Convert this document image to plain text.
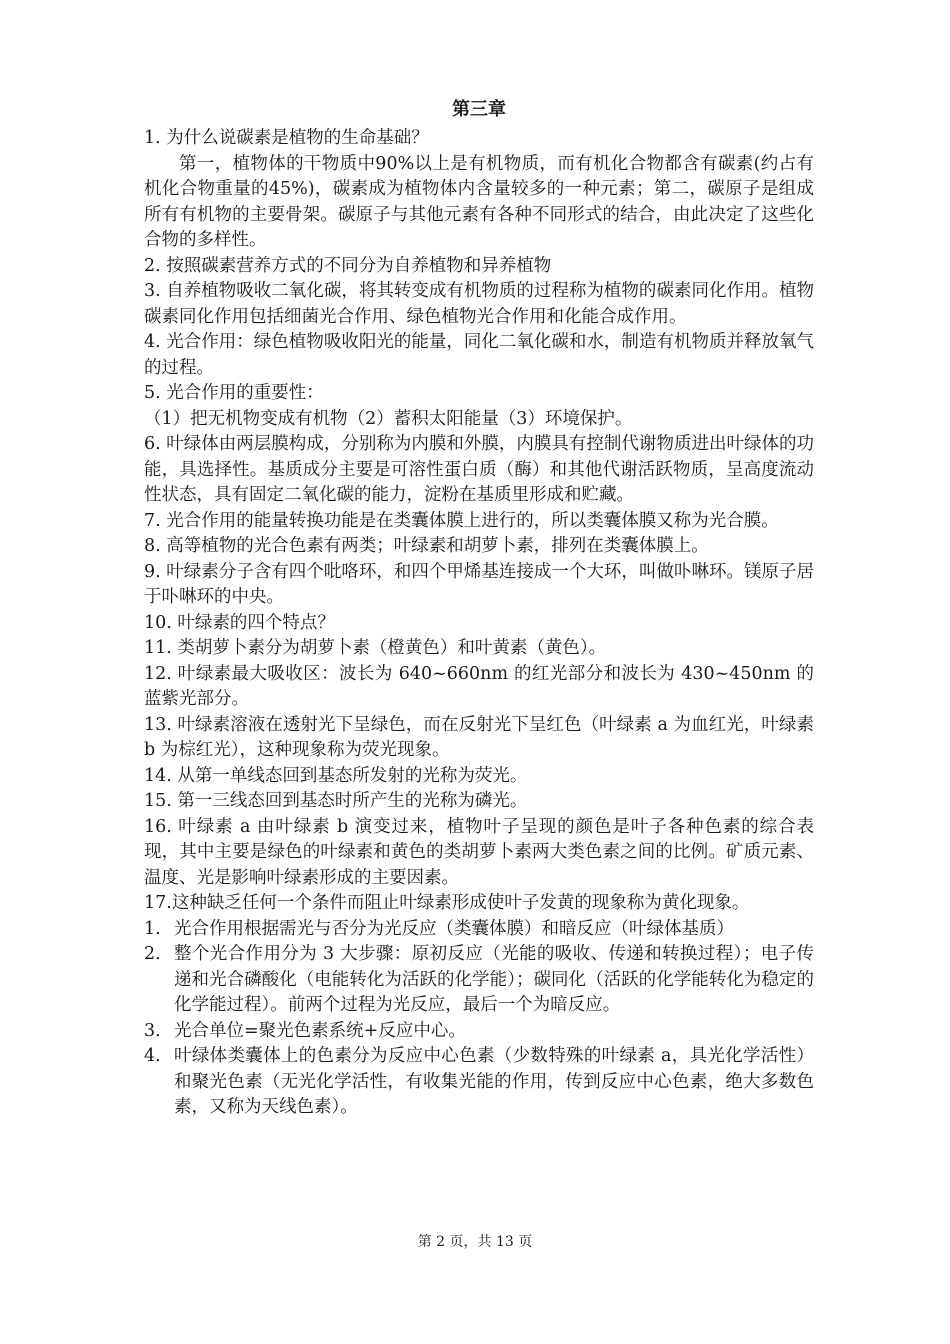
第三章

1. 为什么说碳素是植物的生命基础？

第一，植物体的干物质中90%以上是有机物质，而有机化合物都含有碳素(约占有机化合物重量的45%)，碳素成为植物体内含量较多的一种元素；第二，碳原子是组成所有有机物的主要骨架。碳原子与其他元素有各种不同形式的结合，由此决定了这些化合物的多样性。

2. 按照碳素营养方式的不同分为自养植物和异养植物

3. 自养植物吸收二氧化碳，将其转变成有机物质的过程称为植物的碳素同化作用。植物碳素同化作用包括细菌光合作用、绿色植物光合作用和化能合成作用。

4. 光合作用：绿色植物吸收阳光的能量，同化二氧化碳和水，制造有机物质并释放氧气的过程。

5. 光合作用的重要性：

（1）把无机物变成有机物（2）蓄积太阳能量（3）环境保护。

6. 叶绿体由两层膜构成，分别称为内膜和外膜，内膜具有控制代谢物质进出叶绿体的功能，具选择性。基质成分主要是可溶性蛋白质（酶）和其他代谢活跃物质，呈高度流动性状态，具有固定二氧化碳的能力，淀粉在基质里形成和贮藏。

7. 光合作用的能量转换功能是在类囊体膜上进行的，所以类囊体膜又称为光合膜。

8. 高等植物的光合色素有两类；叶绿素和胡萝卜素，排列在类囊体膜上。

9. 叶绿素分子含有四个吡咯环，和四个甲烯基连接成一个大环，叫做卟啉环。镁原子居于卟啉环的中央。

10. 叶绿素的四个特点？

11. 类胡萝卜素分为胡萝卜素（橙黄色）和叶黄素（黄色）。

12. 叶绿素最大吸收区：波长为 640~660nm 的红光部分和波长为 430~450nm 的蓝紫光部分。

13. 叶绿素溶液在透射光下呈绿色，而在反射光下呈红色（叶绿素 a 为血红光，叶绿素 b 为棕红光），这种现象称为荧光现象。

14. 从第一单线态回到基态所发射的光称为荧光。

15. 第一三线态回到基态时所产生的光称为磷光。

16. 叶绿素 a 由叶绿素 b 演变过来，植物叶子呈现的颜色是叶子各种色素的综合表现，其中主要是绿色的叶绿素和黄色的类胡萝卜素两大类色素之间的比例。矿质元素、温度、光是影响叶绿素形成的主要因素。

17.这种缺乏任何一个条件而阻止叶绿素形成使叶子发黄的现象称为黄化现象。

1. 光合作用根据需光与否分为光反应（类囊体膜）和暗反应（叶绿体基质）
2. 整个光合作用分为 3 大步骤：原初反应（光能的吸收、传递和转换过程）；电子传递和光合磷酸化（电能转化为活跃的化学能）；碳同化（活跃的化学能转化为稳定的化学能过程）。前两个过程为光反应，最后一个为暗反应。
3. 光合单位=聚光色素系统+反应中心。
4. 叶绿体类囊体上的色素分为反应中心色素（少数特殊的叶绿素 a，具光化学活性）和聚光色素（无光化学活性，有收集光能的作用，传到反应中心色素，绝大多数色素，又称为天线色素）。
第 2 页，共 13 页
